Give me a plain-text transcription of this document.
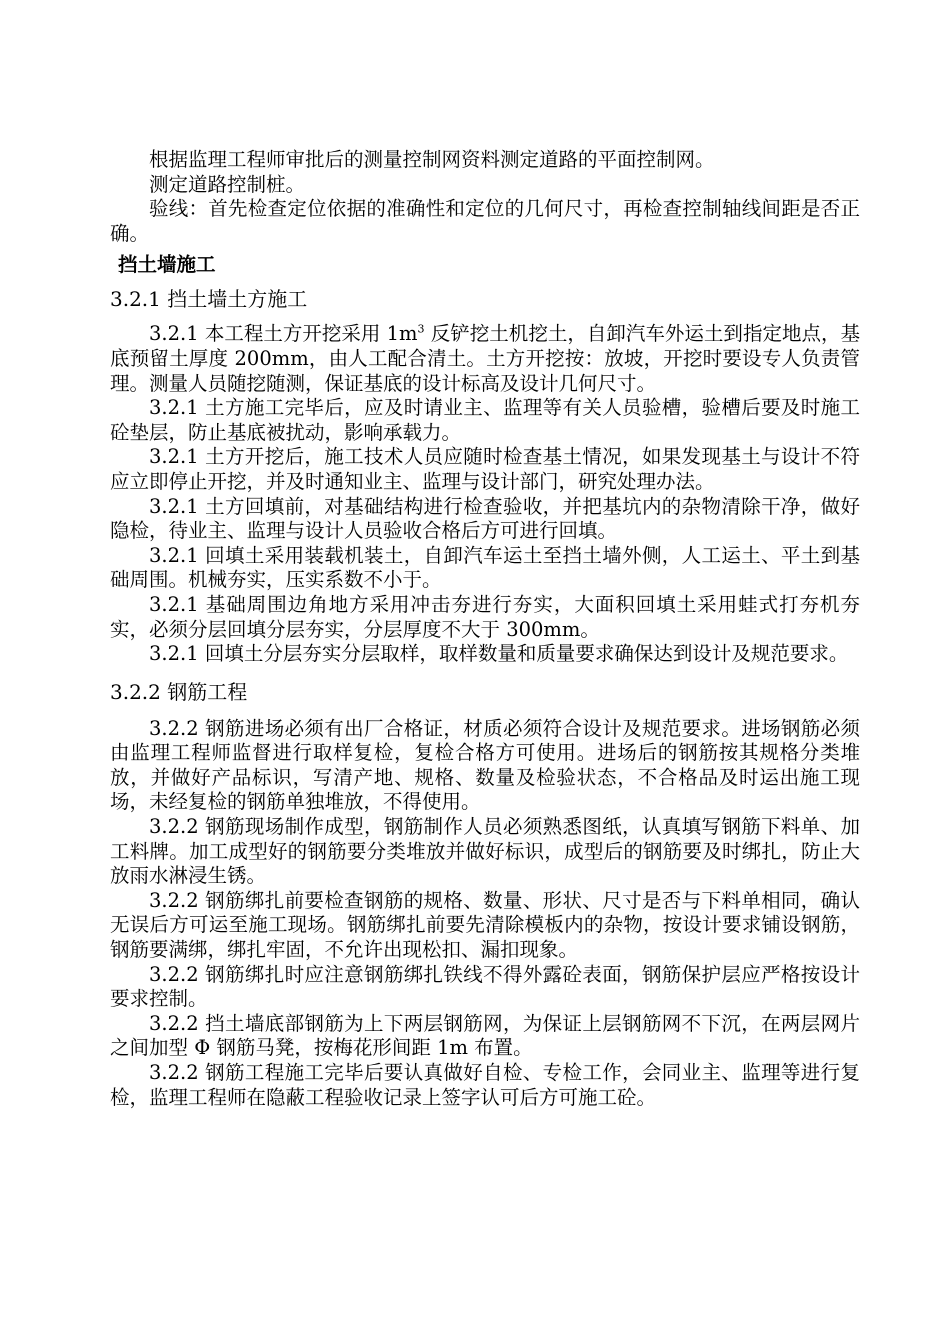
根据监理工程师审批后的测量控制网资料测定道路的平面控制网。

测定道路控制桩。

验线：首先检查定位依据的准确性和定位的几何尺寸，再检查控制轴线间距是否正确。

挡土墙施工
3.2.1 挡土墙土方施工

3.2.1 本工程土方开挖采用 $1m^3$ 反铲挖土机挖土，自卸汽车外运土到指定地点，基底预留土厚度 200mm，由人工配合清土。土方开挖按：放坡，开挖时要设专人负责管理。测量人员随挖随测，保证基底的设计标高及设计几何尺寸。

3.2.1 土方施工完毕后，应及时请业主、监理等有关人员验槽，验槽后要及时施工砼垫层，防止基底被扰动，影响承载力。

3.2.1 土方开挖后，施工技术人员应随时检查基土情况，如果发现基土与设计不符应立即停止开挖，并及时通知业主、监理与设计部门，研究处理办法。

3.2.1 土方回填前，对基础结构进行检查验收，并把基坑内的杂物清除干净，做好隐检，待业主、监理与设计人员验收合格后方可进行回填。

3.2.1 回填土采用装载机装土，自卸汽车运土至挡土墙外侧，人工运土、平土到基础周围。机械夯实，压实系数不小于。

3.2.1 基础周围边角地方采用冲击夯进行夯实，大面积回填土采用蛙式打夯机夯实，必须分层回填分层夯实，分层厚度不大于 300mm。

3.2.1 回填土分层夯实分层取样，取样数量和质量要求确保达到设计及规范要求。

3.2.2 钢筋工程

3.2.2 钢筋进场必须有出厂合格证，材质必须符合设计及规范要求。进场钢筋必须由监理工程师监督进行取样复检，复检合格方可使用。进场后的钢筋按其规格分类堆放，并做好产品标识，写清产地、规格、数量及检验状态，不合格品及时运出施工现场，未经复检的钢筋单独堆放，不得使用。

3.2.2 钢筋现场制作成型，钢筋制作人员必须熟悉图纸，认真填写钢筋下料单、加工料牌。加工成型好的钢筋要分类堆放并做好标识，成型后的钢筋要及时绑扎，防止大放雨水淋浸生锈。

3.2.2 钢筋绑扎前要检查钢筋的规格、数量、形状、尺寸是否与下料单相同，确认无误后方可运至施工现场。钢筋绑扎前要先清除模板内的杂物，按设计要求铺设钢筋，钢筋要满绑，绑扎牢固，不允许出现松扣、漏扣现象。

3.2.2 钢筋绑扎时应注意钢筋绑扎铁线不得外露砼表面，钢筋保护层应严格按设计要求控制。

3.2.2 挡土墙底部钢筋为上下两层钢筋网，为保证上层钢筋网不下沉，在两层网片之间加型 Φ 钢筋马凳，按梅花形间距 1m 布置。

3.2.2 钢筋工程施工完毕后要认真做好自检、专检工作，会同业主、监理等进行复检，监理工程师在隐蔽工程验收记录上签字认可后方可施工砼。
